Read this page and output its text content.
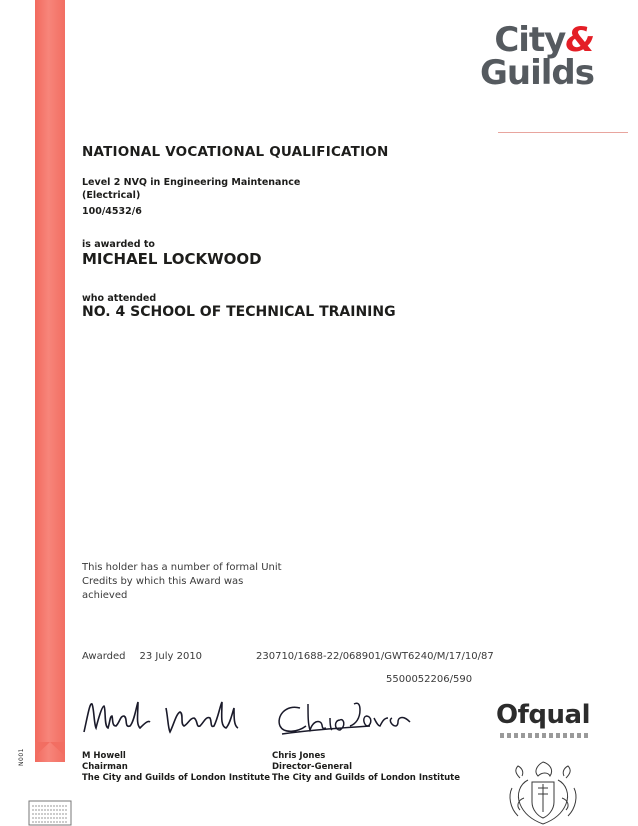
N001
City&
Guilds
NATIONAL VOCATIONAL QUALIFICATION
Level 2 NVQ in Engineering Maintenance
(Electrical)
100/4532/6
is awarded to
MICHAEL LOCKWOOD
who attended
NO. 4 SCHOOL OF TECHNICAL TRAINING
This holder has a number of formal Unit
Credits by which this Award was achieved
Awarded 23 July 2010	230710/1688-22/068901/GWT6240/M/17/10/87
5500052206/590
M Howell
Chairman
The City and Guilds of London Institute
Chris Jones
Director-General
The City and Guilds of London Institute
Ofqual
